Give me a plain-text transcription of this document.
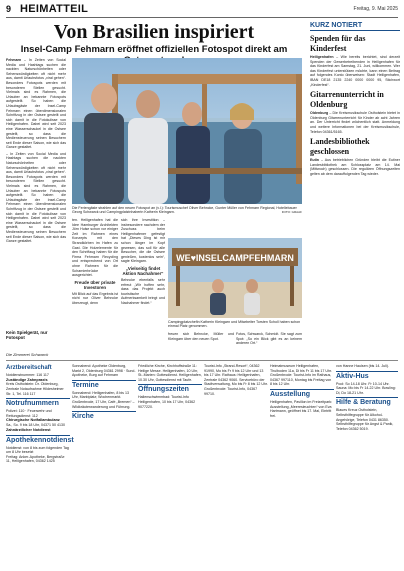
9 HEIMATTEIL	Freitag, 9. Mai 2025
Von Brasilien inspiriert
Insel-Camp Fehmarn eröffnet offiziellen Fotospot direkt am
Fehmarn – In Zeiten von Social Media und Hashtags suchen die nackten Naturschönheiten oder Sehenswürdigkeiten oft nicht mehr aus, damit Urlaubsfotos „viral gehen“. Besonders Fotospots werden mit besonderen Stellen gesucht. Vielmals sind es Rahmen, die Urlauber an bekannte Fotospots aufgestellt. So haben die Urlaubsgäste der Insel-Camp Fehmarn einen überdimensionalen Schriftzug in der Ostsee gestellt und sich damit in die Fotokulisse von Heiligenhafen. Dabei wird seit 2023 eine Wasserschaukel in die Ostsee gestellt, so dass die Mediensteuerung seinen Besuchern seit Ende dieser Saison, wie sich das Ganze gestaltet.
– In Zeiten von Social Media und Hashtags suchen die nackten Naturschönheiten oder Sehenswürdigkeiten oft nicht mehr aus, damit Urlaubsfotos „viral gehen“. Besonders Fotospots werden mit besonderen Stellen gesucht. Vielmals sind es Rahmen, die Urlauber an bekannte Fotospots aufgestellt. So haben die Urlaubsgäste der Insel-Camp Fehmarn einen überdimensionalen Schriftzug in der Ostsee gestellt und sich damit in die Fotokulisse von Heiligenhafen. Dabei wird seit 2023 eine Wasserschaukel in die Ostsee gestellt, so dass die Mediensteuerung seinen Besuchern seit Ende dieser Saison, wie sich das Ganze gestaltet.
Kein Spielgerät, nur Fotospot
Die Zimmerei Schwarck
Die Feriengäste strahlen auf den neuen Fotospot an (v.l.): Tourismuschef Oliver Behncke, Gunter Müller von Fehmarn Regional, Hoteliebauer Georg Schwarck und Campingplatzinhaberin Katherin Kleingarn.	FOTO: GRAAF
ten. Heiligenhafen hat die Idee Hamburger Architekten Jörn Hulse schon vor einiger Zeit im Rahmen eines Konzepts mit den Strandkörben im Hafen zu Gast. Die Holzelemente für den Schriftzug haben für die Firma Fehmarn Recycling und entsprechend von Ort ohne Rahmen für die Scharnierbrücke ausgerichtet.
Freude über private Investoren
Mit Blick auf das Ergebnis ist nicht nur Oliver Behncke überzeugt, denn
sich ihre Investition – insbesondere nachdem der Zuschuss beim Heiligenhafener gefestigt hat „Dieses Ding ist mir schon länger im Kopf gewesen, das soll für alle Besucher, die die Ostsee genießen, kostenlos sein“, sagte Kleingarn.
„Vielseitig findet Aktion Nachahmer“
Behncke ebenfalls sehr erfreut „Wir hoffen sehr, dass das Projekt auch touristische Aufmerksamkeit bringt und Nachahmer findet.“
WE♥INSELCAMPFEHMARN
Campingplatzchefin Katherin Kleingarn und Mitarbeiter Torsten Scholl haben schon einmal Platz genommen.
freuen sich Behncke, Müller und Kleingarn über den neuen Spot.
Fotos, Schwarck, Schmidt. Sie sagt zum Spot: „So ein Blick gibt es an keinem anderen Ort.“
KURZ NOTIERT
Spenden für das Kinderfest
Heiligenhafen – Wie bereits berichtet, sind derzeit Spenden der Gewerbetreibenden in Heiligenhafen für das Kinderfest am Samstag, 21. Juni, willkommen. Wer das Kinderfest unterstützen möchte, kann einen Beitrag auf folgendes Konto überweisen: Stadt Heiligenhafen, IBAN DE18 2135 2240 0000 0000 95, Stichwort „Kinderfest“.
Gitarrenunterricht in Oldenburg
Oldenburg – Die Kreismusikschule Ostholstein bietet in Oldenburg Gitarrenunterricht für Kinder ab acht Jahren an. Der Unterricht findet wöchentlich statt. Anmeldung und weitere Informationen bei der Kreismusikschule, Telefon 04361/5165.
Landesbibliothek geschlossen
Eutin – Aus betrieblichen Gründen bleibt die Eutiner Landesbibliothek am Schlossplatz am 14. Mai (Mittwoch) geschlossen. Die regulären Öffnungszeiten gelten ab dem darauffolgenden Tag wieder.
Arztbereitschaft
Notdienstnummer: 116 117
Zuständige Zahnpraxis
Kreis Ostholstein: Dr. Oldenburg, Zentrale Notaufnahme Hildesheimer Str. 1, Tel. 116 117
Notrufnummern
Polizei: 110 · Feuerwehr und Rettungsdienst: 112
Chirurgische Notfallambulanz
Sa., So. 9 bis 18 Uhr, 04371 50 4130
Zahnärztlicher Notdienst
Apothekennotdienst
Notdienst: von 8 bis zum folgenden Tag um 8 Uhr besetzt
Freitag: Anker-Apotheke, Bergstraße 11, Heiligenhafen, 04362 1425
Sonnabend: Apotheke Oldenburg, Markt 2, Oldenburg 04361 2998 · Sund-Apotheke, Burg auf Fehmarn
Termine
Sonnabend: Heiligenhafen, 8 bis 13 Uhr, Marktplatz; Wochenmarkt. Großenbrode, 17 Uhr, Café „Bremen“ – Wildkräuterwanderung und Führung.
Kirche
Friedliche Kirche, Kirchhoffstraße 11: Heilige Messe. Heiligenhafen, 10 Uhr, St.-Marien: Gottesdienst. Heiligenhafen, 10.30 Uhr, Gottesdienst mit Taufe.
Öffnungszeiten
Hallenschwimmbad: Tourist-Info Heiligenhafen, 10 bis 17 Uhr, 04362 9077220.
Tourist-Info „Strand-Resort“, 04362 91990, Mo bis Fr 9 bis 12 Uhr und 13 bis 17 Uhr. Rathaus: Heiligenhafen, Zentrale 04362 9060. Servicebüro der Stadtverwaltung, Mo bis Fr 8 bis 12 Uhr. Großenbrode: Tourist-Info, 04367 99710.
Heimatmuseum Heiligenhafen, Thulboden 11a, Di bis Fr 11 bis 17 Uhr. Großenbrode: Tourist-Info im Rathaus, 04367 997110, Montag bis Freitag von 8 bis 12 Uhr.
Ausstellung
Heiligenhafen, Pavillon im Freizeitpark: Ausstellung „Meeresleuchten“ von Eva Hartmann, geöffnet bis 17. Mai, Eintritt frei.
von Hanne Haulsen (bis 14. Juli).
Aktiv-Hus
Pool: So 14-18 Uhr. Fr 10-14 Uhr. Sauna: Mo bis Fr 14-22 Uhr. Bowling: Di, Do 18-21 Uhr.
Hilfe & Beratung
Blaues Kreuz Ostholstein, Selbsthilfegruppe für Alkohol-Angehörige, Telefon 0431 86350. Selbsthilfegruppe für Angst & Panik, Telefon 04362 5019.
